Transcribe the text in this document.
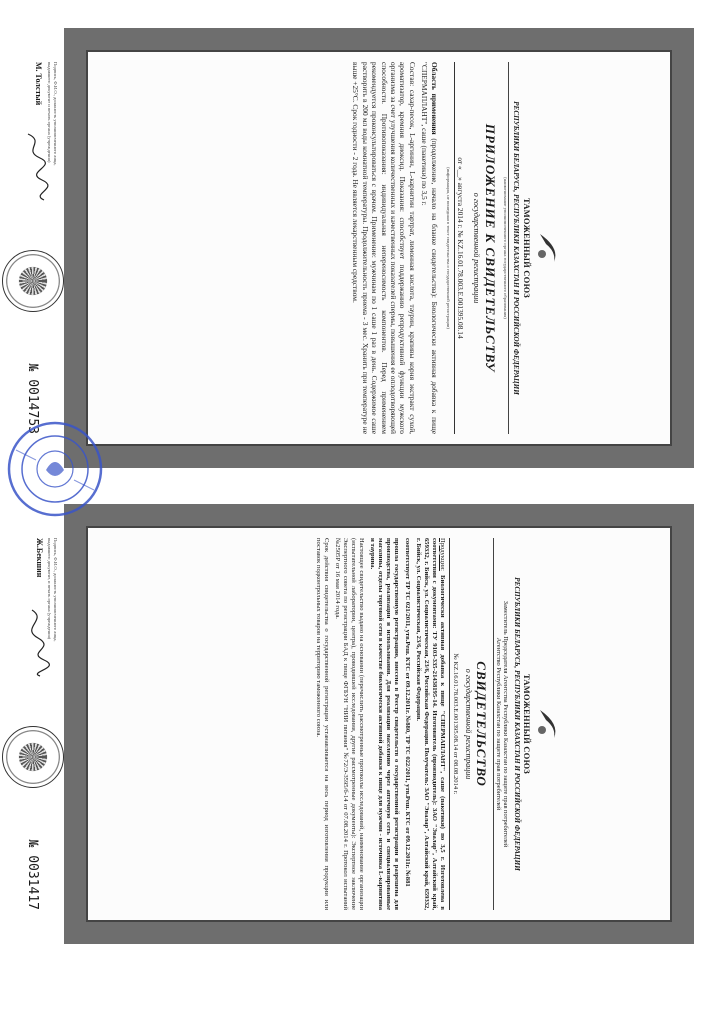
ТАМОЖЕННЫЙ СОЮЗ
РЕСПУБЛИКИ БЕЛАРУСЬ, РЕСПУБЛИКИ КАЗАХСТАН И РОССИЙСКОЙ ФЕДЕРАЦИИ
(наименование уполномоченного органа государственного образования)
ПРИЛОЖЕНИЕ К СВИДЕТЕЛЬСТВУ
о государственной регистрации
от «__» августа 2014 г. № KZ.16.01.78.003.E.001395.08.14
(информация, не вошедшая в текст свидетельства о государственной регистрации)
Область применения (продолжение, начало на бланке свидетельства): Биологически активная добавка к пище "СПЕРМАПЛАНТ", саше (пакетики) по 3,5 г.
Состав: сахар-песок, L-аргинин, L-карнитин тартрат, лимонная кислота, таурин, крапивы корня экстракт сухой, ароматизатор, кремния диоксид. Показания: способствует поддержанию репродуктивной функции мужского организма за счет улучшения количественных и качественных показателей спермы, повышения ее оплодотворяющей способности. Противопоказания: индивидуальная непереносимость компонентов. Перед применением рекомендуется проконсультироваться с врачом. Применение: мужчинам по 1 саше 1 раз в день. Содержимое саше растворить в 200 мл воды комнатной температуры. Продолжительность приема - 3 мес. Хранить при температуре не выше +25°С. Срок годности - 2 года. Не является лекарственным средством.
Подпись, Ф.И.О., должность уполномоченного лица, выдавшего документ и печать органа (учреждения)
М. Толстый
№ 0014753
ТАМОЖЕННЫЙ СОЮЗ
РЕСПУБЛИКИ БЕЛАРУСЬ, РЕСПУБЛИКИ КАЗАХСТАН И РОССИЙСКОЙ ФЕДЕРАЦИИ
Заместитель Председателя Агентства Республики Казахстан по защите прав потребителей
Агентство Республики Казахстан по защите прав потребителей
СВИДЕТЕЛЬСТВО
о государственной регистрации
№ KZ.16.01.78.003.E.001395.08.14 от 08.08.2014 г.
Продукция: Биологически активная добавка к пище "СПЕРМАПЛАНТ", саше (пакетики) по 3,5 г. Изготовлена в соответствии с документами: ТУ 9103-335-21438195-14. Изготовитель (производитель): ЗАО "Эвалар", Алтайский край, 659332, г. Бийск, ул. Социалистическая, 23/6, Российская Федерация. Получатель: ЗАО "Эвалар", Алтайский край, 659332, г. Бийск, ул. Социалистическая, 23/6, Российская Федерация.
соответствует ТР ТС 021/2011, утв.Реш. КТС от 09.12.2011г. №880, ТР ТС 022/2011, утв.Реш. КТС от 09.12.2011г. №881
прошла государственную регистрацию, внесена в Реестр свидетельств о государственной регистрации и разрешена для производства, реализации и использования. Для реализации населению через аптечную сеть и специализированные магазины, отделы торговой сети в качестве биологически активной добавки к пище для мужчин - источника L-карнитина и таурина.
Настоящее свидетельство выдано на основании (перечислить рассмотренные протоколы исследований, наименование организации (испытательной лаборатории, центра), проводившей исследования, другие рассмотренные документы): Экспертное заключение Экспертного совета по регистрации БАД к пище ФГБУН "НИИ питания" №72/Э-3595/б-14 от 07.08.2014 г. Протокол испытаний №2505Р от 16 мая 2014 года.
Срок действия свидетельства о государственной регистрации устанавливается на весь период изготовления продукции или поставок подконтрольных товаров на территорию таможенного союза.
Подпись, Ф.И.О., должность уполномоченного лица, выдавшего документ, и печать органа (учреждения)
Ж.Бекшин
№ 0031417
